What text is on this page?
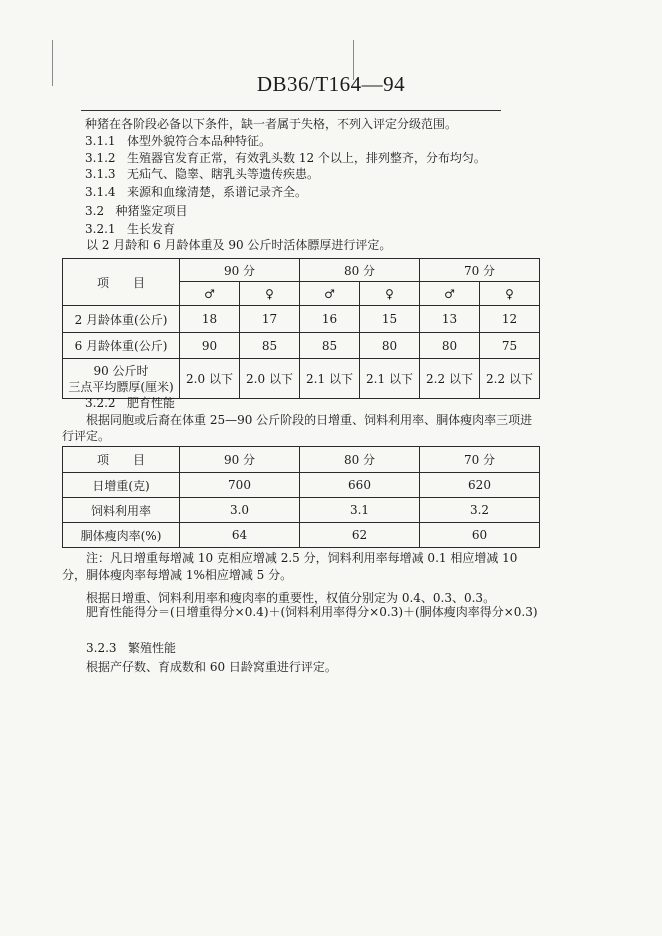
DB36/T164—94
种猪在各阶段必备以下条件，缺一者属于失格，不列入评定分级范围。
3.1.1 体型外貌符合本品种特征。
3.1.2 生殖器官发育正常，有效乳头数 12 个以上，排列整齐，分布均匀。
3.1.3 无疝气、隐睾、瞎乳头等遗传疾患。
3.1.4 来源和血缘清楚，系谱记录齐全。
3.2 种猪鉴定项目
3.2.1 生长发育
以 2 月龄和 6 月龄体重及 90 公斤时活体膘厚进行评定。
项　　目	90 分		80 分		70 分	
	♂	♀	♂	♀	♂	♀
2 月龄体重(公斤)	18	17	16	15	13	12
6 月龄体重(公斤)	90	85	85	80	80	75
90 公斤时
三点平均膘厚(厘米)	2.0 以下	2.0 以下	2.1 以下	2.1 以下	2.2 以下	2.2 以下
3.2.2 肥育性能
根据同胞或后裔在体重 25—90 公斤阶段的日增重、饲料利用率、胴体瘦肉率三项进行评定。
项　　目	90 分	80 分	70 分
日增重(克)	700	660	620
饲料利用率	3.0	3.1	3.2
胴体瘦肉率(%)	64	62	60
注：凡日增重每增减 10 克相应增减 2.5 分，饲料利用率每增减 0.1 相应增减 10 分，胴体瘦肉率每增减 1%相应增减 5 分。
根据日增重、饲料利用率和瘦肉率的重要性，权值分别定为 0.4、0.3、0.3。
肥育性能得分＝(日增重得分×0.4)＋(饲料利用率得分×0.3)＋(胴体瘦肉率得分×0.3)
3.2.3 繁殖性能
根据产仔数、育成数和 60 日龄窝重进行评定。
